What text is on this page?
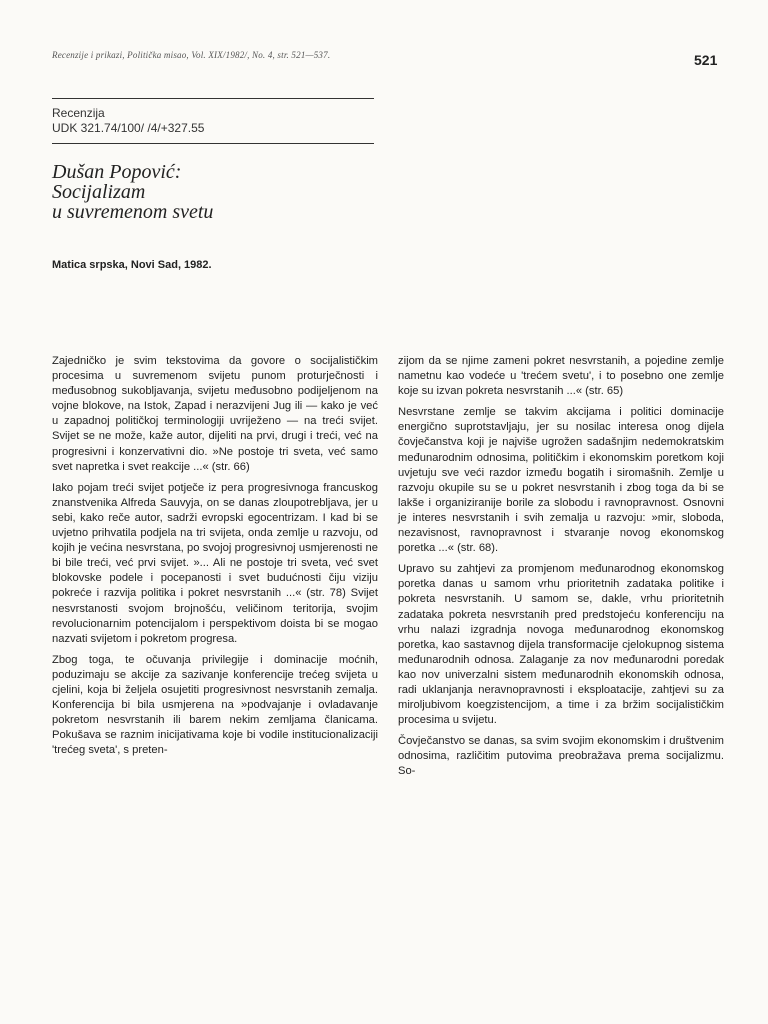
Recenzije i prikazi, Politička misao, Vol. XIX/1982/, No. 4, str. 521—537.	521
Recenzija
UDK 321.74/100/ /4/+327.55
Dušan Popović:
Socijalizam
u suvremenom svetu
Matica srpska, Novi Sad, 1982.

Zajedničko je svim tekstovima da govore o socijalističkim procesima u suvremenom svijetu punom proturječnosti i međusobnog sukobljavanja, svijetu međusobno podijeljenom na vojne blokove, na Istok, Zapad i nerazvijeni Jug ili — kako je već u zapadnoj političkoj terminologiji uvriježeno — na treći svijet. Svijet se ne može, kaže autor, dijeliti na prvi, drugi i treći, već na progresivni i konzervativni dio. »Ne postoje tri sveta, već samo svet napretka i svet reakcije ...« (str. 66)

Iako pojam treći svijet potječe iz pera progresivnoga francuskog znanstvenika Alfreda Sauvyja, on se danas zloupotrebljava, jer u sebi, kako reče autor, sadrži evropski egocentrizam. I kad bi se uvjetno prihvatila podjela na tri svijeta, onda zemlje u razvoju, od kojih je većina nesvrstana, po svojoj progresivnoj usmjerenosti ne bi bile treći, već prvi svijet. »... Ali ne postoje tri sveta, već svet blokovske podele i pocepanosti i svet budućnosti čiju viziju pokreće i razvija politika i pokret nesvrstanih ...« (str. 78) Svijet nesvrstanosti svojom brojnošću, veličinom teritorija, svojim revolucionarnim potencijalom i perspektivom doista bi se mogao nazvati svijetom i pokretom progresa.

Zbog toga, te očuvanja privilegije i dominacije moćnih, poduzimaju se akcije za sazivanje konferencije trećeg svijeta u cjelini, koja bi željela osujetiti progresivnost nesvrstanih zemalja. Konferencija bi bila usmjerena na »podvajanje i ovladavanje pokretom nesvrstanih ili barem nekim zemljama članicama. Pokušava se raznim inicijativama koje bi vodile institucionalizaciji 'trećeg sveta', s preten-

zijom da se njime zameni pokret nesvrstanih, a pojedine zemlje nametnu kao vodeće u 'trećem svetu', i to posebno one zemlje koje su izvan pokreta nesvrstanih ...« (str. 65)

Nesvrstane zemlje se takvim akcijama i politici dominacije energično suprotstavljaju, jer su nosilac interesa onog dijela čovječanstva koji je najviše ugrožen sadašnjim nedemokratskim međunarodnim odnosima, političkim i ekonomskim poretkom koji uvjetuju sve veći razdor između bogatih i siromašnih. Zemlje u razvoju okupile su se u pokret nesvrstanih i zbog toga da bi se lakše i organiziranije borile za slobodu i ravnopravnost. Osnovni je interes nesvrstanih i svih zemalja u razvoju: »mir, sloboda, nezavisnost, ravnopravnost i stvaranje novog ekonomskog poretka ...« (str. 68).

Upravo su zahtjevi za promjenom međunarodnog ekonomskog poretka danas u samom vrhu prioritetnih zadataka politike i pokreta nesvrstanih. U samom se, dakle, vrhu prioritetnih zadataka pokreta nesvrstanih pred predstojeću konferenciju na vrhu nalazi izgradnja novoga međunarodnog ekonomskog poretka, kao sastavnog dijela transformacije cjelokupnog sistema međunarodnih odnosa. Zalaganje za nov međunarodni poredak kao nov univerzalni sistem međunarodnih ekonomskih odnosa, radi uklanjanja neravnopravnosti i eksploatacije, zahtjevi su za miroljubivom koegzistencijom, a time i za bržim socijalističkim procesima u svijetu.

Čovječanstvo se danas, sa svim svojim ekonomskim i društvenim odnosima, različitim putovima preobražava prema socijalizmu. So-
